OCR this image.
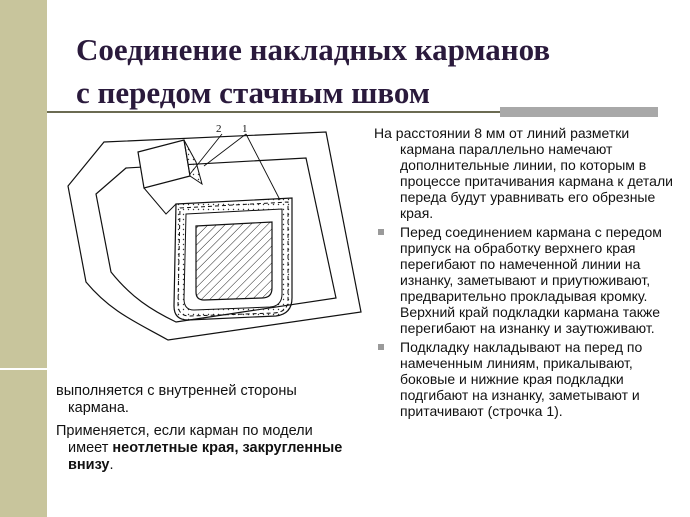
Соединение накладных карманов
с передом стачным швом
2 1

выполняется с внутренней стороны кармана.

Применяется, если карман по модели имеет неотлетные края, закругленные внизу.

На расстоянии 8 мм от линий разметки кармана параллельно намечают дополнительные линии, по которым в процессе притачивания кармана к детали переда будут уравнивать его обрезные края.

Перед соединением кармана с передом припуск на обработку верхнего края перегибают по намеченной линии на изнанку, заметывают и приутюживают, предварительно прокладывая кромку. Верхний край подкладки кармана также перегибают на изнанку и заутюживают.
Подкладку накладывают на перед по намеченным линиям, прикалывают, боковые и нижние края подкладки подгибают на изнанку, заметывают и притачивают (строчка 1).
